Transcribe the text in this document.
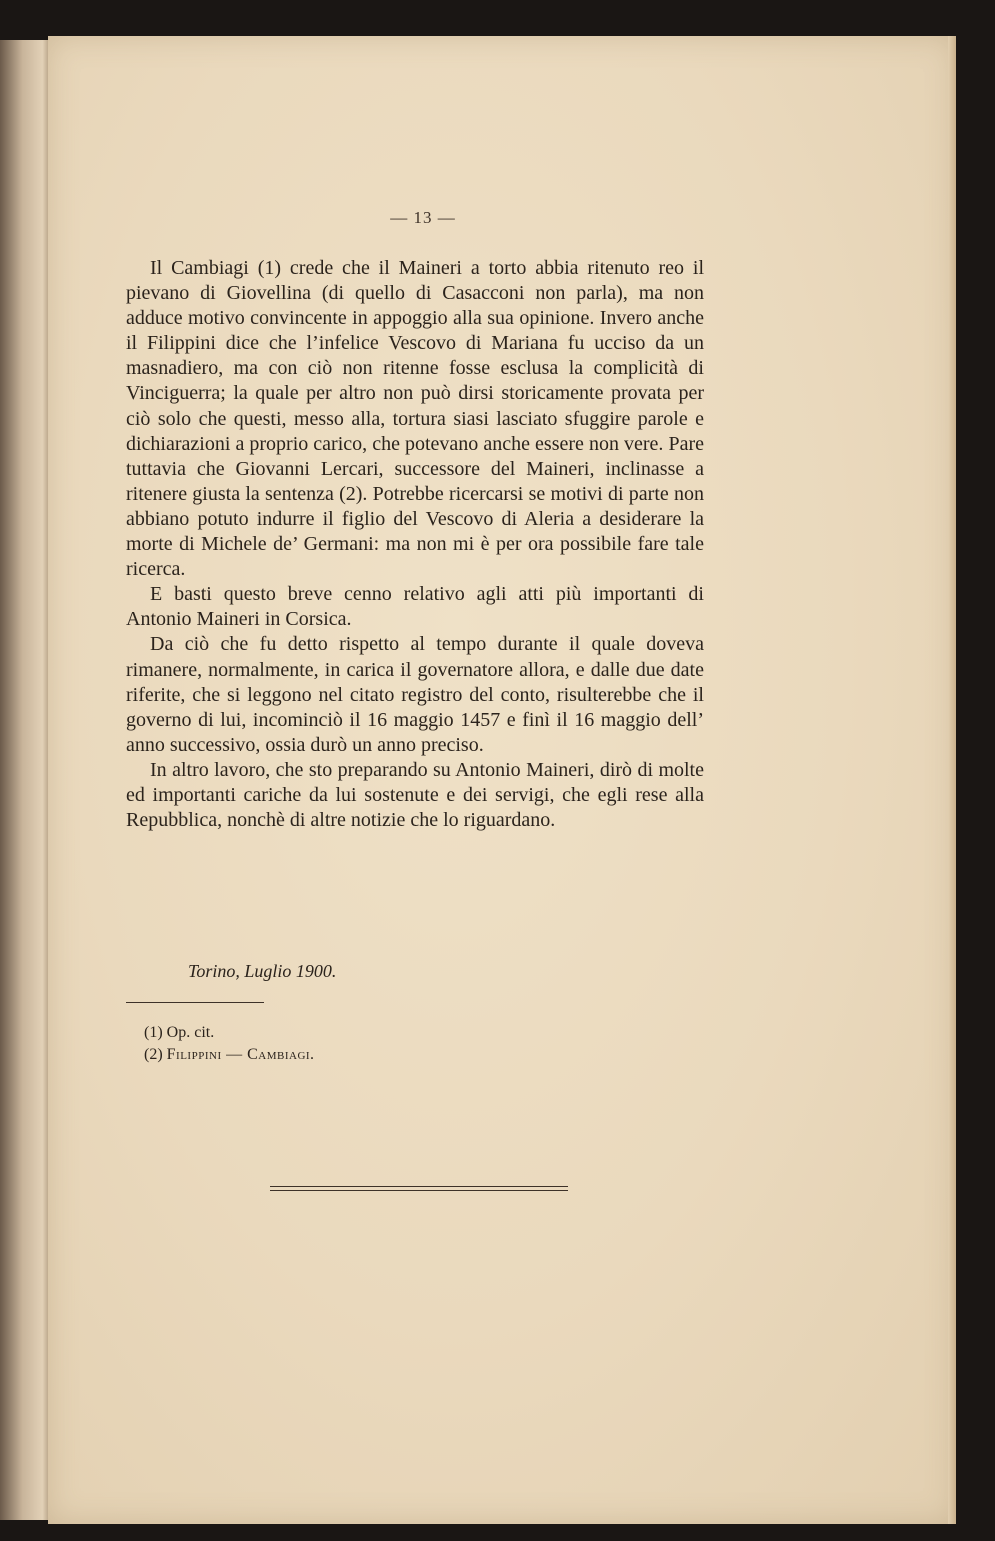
— 13 —

Il Cambiagi (1) crede che il Maineri a torto abbia ritenuto reo il pievano di Giovellina (di quello di Casacconi non parla), ma non adduce motivo convincente in appoggio alla sua opinione. Invero anche il Filippini dice che l’infelice Vescovo di Mariana fu ucciso da un masnadiero, ma con ciò non ritenne fosse esclusa la complicità di Vinciguerra; la quale per altro non può dirsi storicamente provata per ciò solo che questi, messo alla, tortura siasi lasciato sfuggire parole e dichiarazioni a proprio carico, che potevano anche essere non vere. Pare tuttavia che Giovanni Lercari, successore del Maineri, inclinasse a ritenere giusta la sentenza (2). Potrebbe ricercarsi se motivi di parte non abbiano potuto indurre il figlio del Vescovo di Aleria a desiderare la morte di Michele de’ Germani: ma non mi è per ora possibile fare tale ricerca.

E basti questo breve cenno relativo agli atti più importanti di Antonio Maineri in Corsica.

Da ciò che fu detto rispetto al tempo durante il quale doveva rimanere, normalmente, in carica il governatore allora, e dalle due date riferite, che si leggono nel citato registro del conto, risulterebbe che il governo di lui, incominciò il 16 maggio 1457 e finì il 16 maggio dell’ anno successivo, ossia durò un anno preciso.

In altro lavoro, che sto preparando su Antonio Maineri, dirò di molte ed importanti cariche da lui sostenute e dei servigi, che egli rese alla Repubblica, nonchè di altre notizie che lo riguardano.

Torino, Luglio 1900.
(1) Op. cit.
(2) Filippini — Cambiagi.
